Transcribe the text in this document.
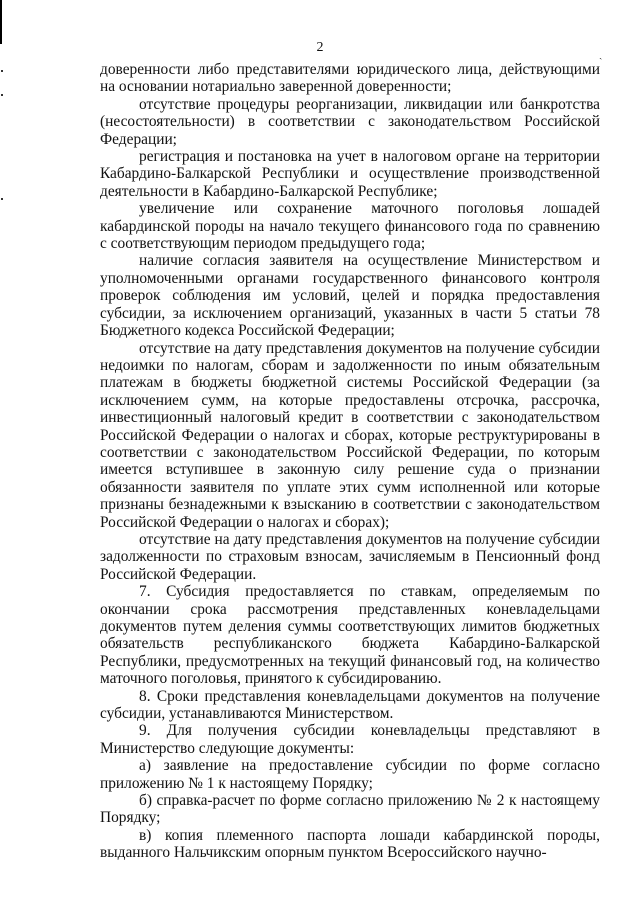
2	ˏ

доверенности либо представителями юридического лица, действующими на основании нотариально заверенной доверенности;

отсутствие процедуры реорганизации, ликвидации или банкротства (несостоятельности) в соответствии с законодательством Российской Федерации;

регистрация и постановка на учет в налоговом органе на территории Кабардино-Балкарской Республики и осуществление производственной деятельности в Кабардино-Балкарской Республике;

увеличение или сохранение маточного поголовья лошадей кабардинской породы на начало текущего финансового года по сравнению с соответствующим периодом предыдущего года;

наличие согласия заявителя на осуществление Министерством и уполномоченными органами государственного финансового контроля проверок соблюдения им условий, целей и порядка предоставления субсидии, за исключением организаций, указанных в части 5 статьи 78 Бюджетного кодекса Российской Федерации;

отсутствие на дату представления документов на получение субсидии недоимки по налогам, сборам и задолженности по иным обязательным платежам в бюджеты бюджетной системы Российской Федерации (за исключением сумм, на которые предоставлены отсрочка, рассрочка, инвестиционный налоговый кредит в соответствии с законодательством Российской Федерации о налогах и сборах, которые реструктурированы в соответствии с законодательством Российской Федерации, по которым имеется вступившее в законную силу решение суда о признании обязанности заявителя по уплате этих сумм исполненной или которые признаны безнадежными к взысканию в соответствии с законодательством Российской Федерации о налогах и сборах);

отсутствие на дату представления документов на получение субсидии задолженности по страховым взносам, зачисляемым в Пенсионный фонд Российской Федерации.

7. Субсидия предоставляется по ставкам, определяемым по окончании срока рассмотрения представленных коневладельцами документов путем деления суммы соответствующих лимитов бюджетных обязательств республиканского бюджета Кабардино-Балкарской Республики, предусмотренных на текущий финансовый год, на количество маточного поголовья, принятого к субсидированию.

8. Сроки представления коневладельцами документов на получение субсидии, устанавливаются Министерством.

9. Для получения субсидии коневладельцы представляют в Министерство следующие документы:

а) заявление на предоставление субсидии по форме согласно приложению № 1 к настоящему Порядку;

б) справка-расчет по форме согласно приложению № 2 к настоящему Порядку;

в) копия племенного паспорта лошади кабардинской породы, выданного Нальчикским опорным пунктом Всероссийского научно-
